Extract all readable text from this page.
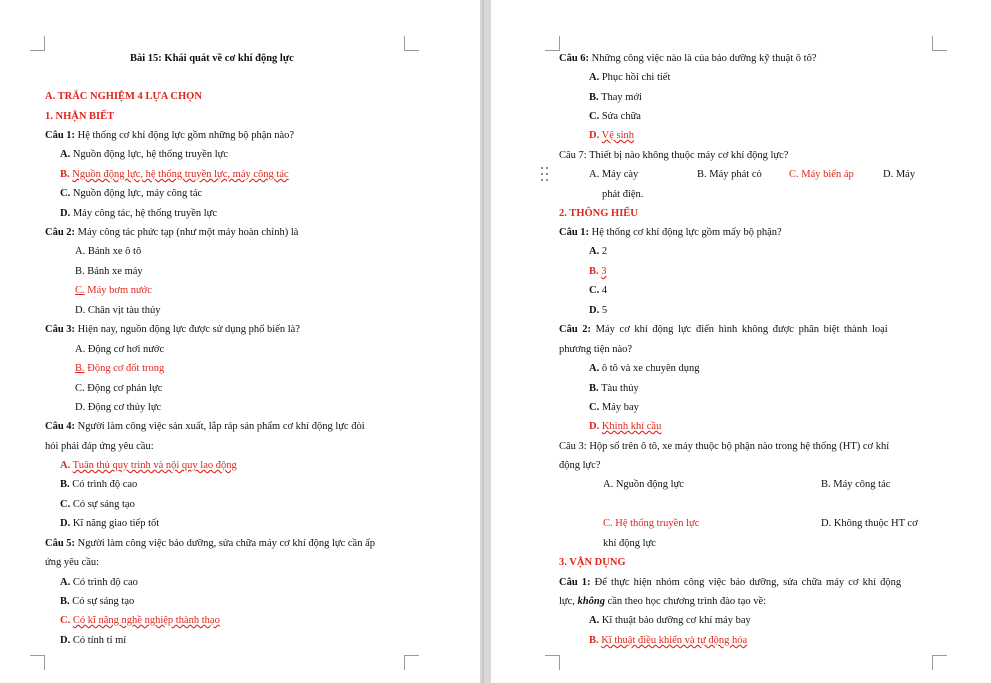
Bài 15: Khái quát về cơ khí động lực
A. TRẮC NGHIỆM 4 LỰA CHỌN
1. NHẬN BIẾT
Câu 1: Hệ thống cơ khí động lực gồm những bộ phận nào?
A. Nguồn động lực, hệ thống truyền lực
B. Nguồn động lực, hệ thống truyền lực, máy công tác
C. Nguồn động lực, máy công tác
D. Máy công tác, hệ thống truyền lực
Câu 2: Máy công tác phức tạp (như một máy hoàn chỉnh) là
A. Bánh xe ô tô
B. Bánh xe máy
C. Máy bơm nước
D. Chân vịt tàu thủy
Câu 3: Hiện nay, nguồn động lực được sử dụng phổ biến là?
A. Động cơ hơi nước
B. Động cơ đốt trong
C. Động cơ phản lực
D. Động cơ thủy lực
Câu 4: Người làm công việc sản xuất, lắp ráp sản phẩm cơ khí động lực đòi
hỏi phải đáp ứng yêu cầu:
A. Tuân thủ quy trình và nội quy lao động
B. Có trình độ cao
C. Có sự sáng tạo
D. Kĩ năng giao tiếp tốt
Câu 5: Người làm công việc bảo dưỡng, sửa chữa máy cơ khí động lực cần ấp
ứng yêu cầu:
A. Có trình độ cao
B. Có sự sáng tạo
C. Có kĩ năng nghề nghiệp thành thạo
D. Có tính tỉ mỉ
Câu 6: Những công việc nào là của bảo dưỡng kỹ thuật ô tô?
A. Phục hồi chi tiết
B. Thay mới
C. Sửa chữa
D. Vệ sinh
Câu 7: Thiết bị nào không thuộc máy cơ khí động lực?
A. Máy cày	B. Máy phát cỏ	C. Máy biến áp	D. Máy
phát điện.
2. THÔNG HIỂU
Câu 1: Hệ thống cơ khí động lực gồm mấy bộ phận?
A. 2
B. 3
C. 4
D. 5
Câu 2: Máy cơ khí động lực điển hình không được phân biệt thành loại
phương tiện nào?
A. ô tô và xe chuyên dụng
B. Tàu thủy
C. Máy bay
D. Khinh khí cầu
Câu 3: Hộp số trên ô tô, xe máy thuộc bộ phận nào trong hệ thống (HT) cơ khí
động lực?
A. Nguồn động lực	B. Máy công tác
C. Hệ thống truyền lực	D. Không thuộc HT cơ
khí động lực
3. VẬN DỤNG
Câu 1: Để thực hiện nhóm công việc bảo dưỡng, sửa chữa máy cơ khí động
lực, không cần theo học chương trình đào tạo về:
A. Kĩ thuật bảo dưỡng cơ khí máy bay
B. Kĩ thuật điều khiển và tự động hóa
